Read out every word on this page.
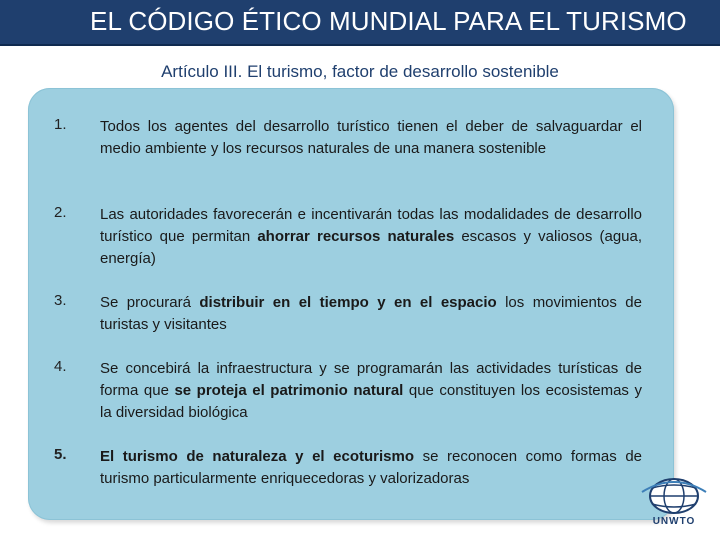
EL CÓDIGO ÉTICO MUNDIAL PARA EL TURISMO
Artículo III. El turismo, factor de desarrollo sostenible
1. Todos los agentes del desarrollo turístico tienen el deber de salvaguardar el medio ambiente y los recursos naturales de una manera sostenible
2. Las autoridades favorecerán e incentivarán todas las modalidades de desarrollo turístico que permitan ahorrar recursos naturales escasos y valiosos (agua, energía)
3. Se procurará distribuir en el tiempo y en el espacio los movimientos de turistas y visitantes
4. Se concebirá la infraestructura y se programarán las actividades turísticas de forma que se proteja el patrimonio natural que constituyen los ecosistemas y la diversidad biológica
5. El turismo de naturaleza y el ecoturismo se reconocen como formas de turismo particularmente enriquecedoras y valorizadoras
UNWTO
